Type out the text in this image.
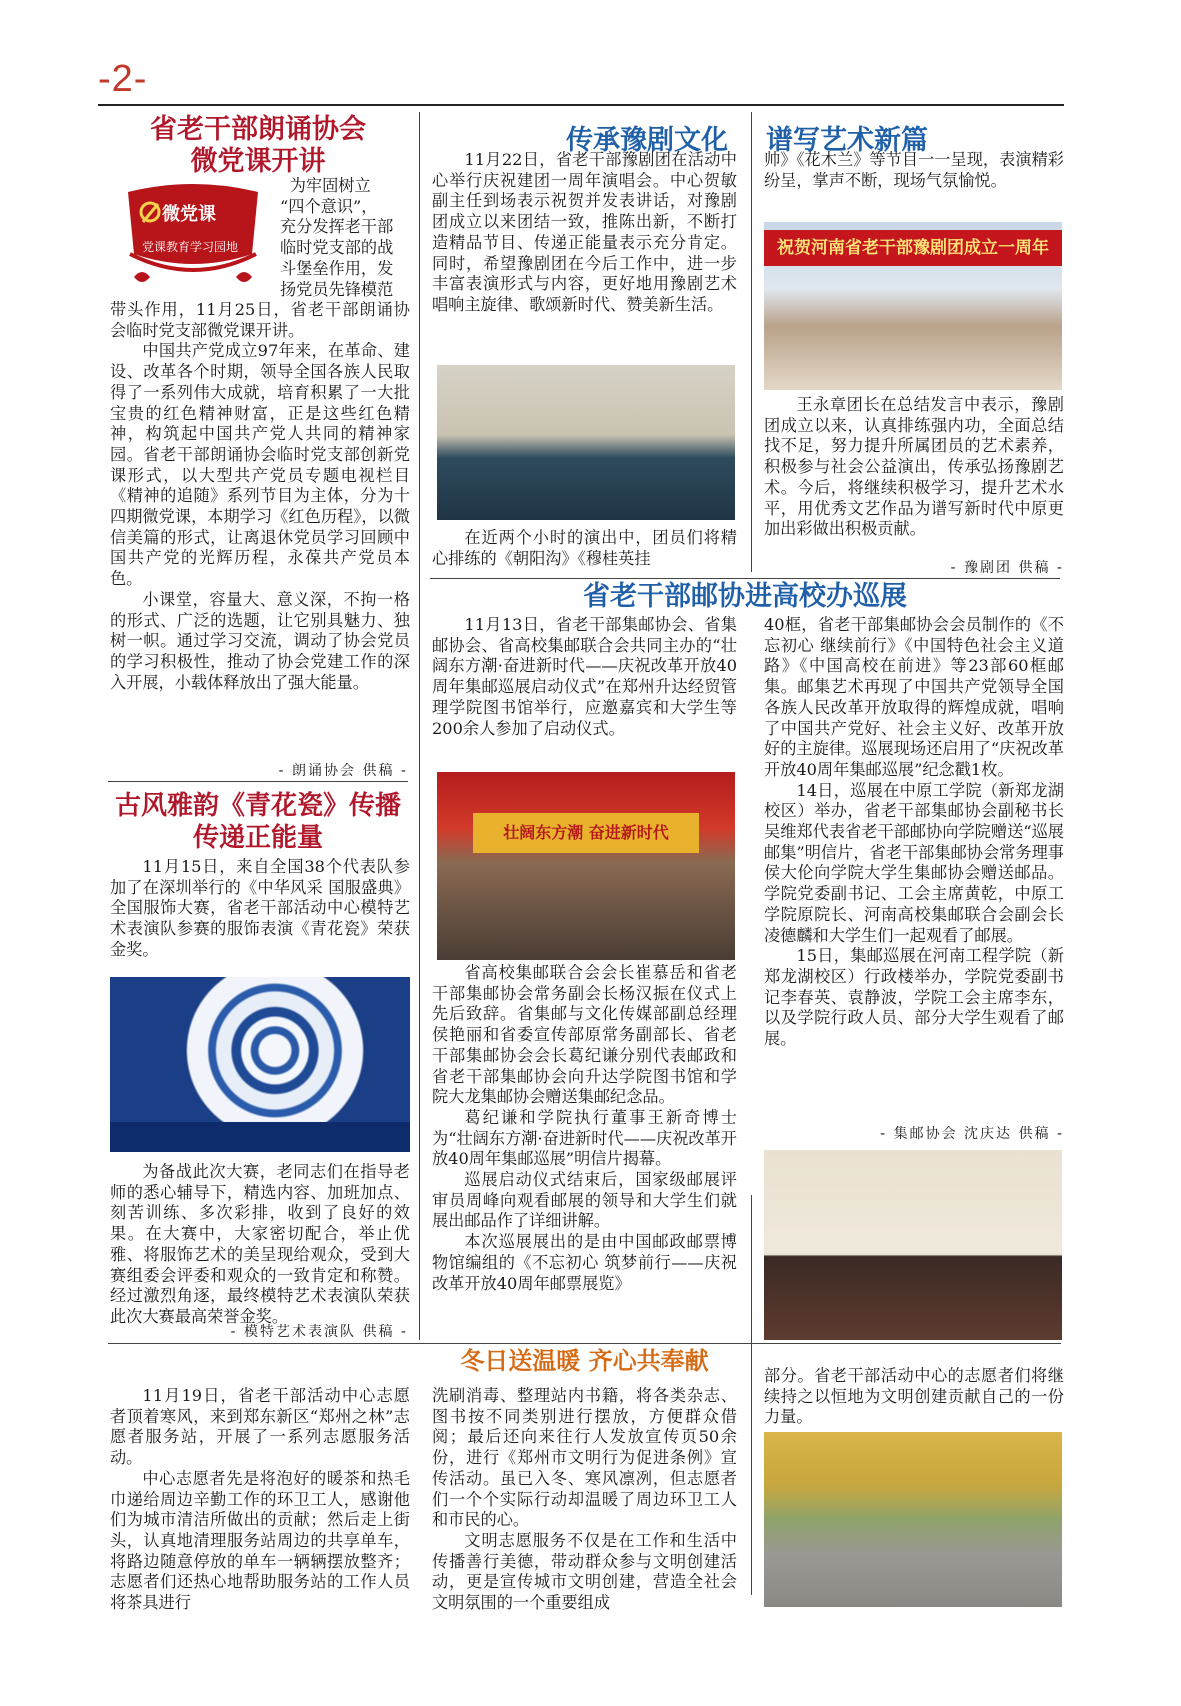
-2-
省老干部朗诵协会
微党课开讲
微党课
党课教育学习园地
为牢固树立
“四个意识”，
充分发挥老干部
临时党支部的战
斗堡垒作用，发
扬党员先锋模范

带头作用，11月25日，省老干部朗诵协会临时党支部微党课开讲。

中国共产党成立97年来，在革命、建设、改革各个时期，领导全国各族人民取得了一系列伟大成就，培育积累了一大批宝贵的红色精神财富，正是这些红色精神，构筑起中国共产党人共同的精神家园。省老干部朗诵协会临时党支部创新党课形式，以大型共产党员专题电视栏目《精神的追随》系列节目为主体，分为十四期微党课，本期学习《红色历程》，以微信美篇的形式，让离退休党员学习回顾中国共产党的光辉历程，永葆共产党员本色。

小课堂，容量大、意义深，不拘一格的形式、广泛的选题，让它别具魅力、独树一帜。通过学习交流，调动了协会党员的学习积极性，推动了协会党建工作的深入开展，小载体释放出了强大能量。

- 朗诵协会 供稿 -
古风雅韵《青花瓷》传播
传递正能量

11月15日，来自全国38个代表队参加了在深圳举行的《中华风采 国服盛典》全国服饰大赛，省老干部活动中心模特艺术表演队参赛的服饰表演《青花瓷》荣获金奖。

为备战此次大赛，老同志们在指导老师的悉心辅导下，精选内容、加班加点、刻苦训练、多次彩排，收到了良好的效果。在大赛中，大家密切配合，举止优雅、将服饰艺术的美呈现给观众，受到大赛组委会评委和观众的一致肯定和称赞。经过激烈角逐，最终模特艺术表演队荣获此次大赛最高荣誉金奖。

- 模特艺术表演队 供稿 -
传承豫剧文化 谱写艺术新篇

11月22日，省老干部豫剧团在活动中心举行庆祝建团一周年演唱会。中心贺敏副主任到场表示祝贺并发表讲话，对豫剧团成立以来团结一致，推陈出新，不断打造精品节目、传递正能量表示充分肯定。同时，希望豫剧团在今后工作中，进一步丰富表演形式与内容，更好地用豫剧艺术唱响主旋律、歌颂新时代、赞美新生活。

在近两个小时的演出中，团员们将精心排练的《朝阳沟》《穆桂英挂

帅》《花木兰》等节目一一呈现，表演精彩纷呈，掌声不断，现场气氛愉悦。

祝贺河南省老干部豫剧团成立一周年

王永章团长在总结发言中表示，豫剧团成立以来，认真排练强内功，全面总结找不足，努力提升所属团员的艺术素养，积极参与社会公益演出，传承弘扬豫剧艺术。今后，将继续积极学习，提升艺术水平，用优秀文艺作品为谱写新时代中原更加出彩做出积极贡献。

- 豫剧团 供稿 -
省老干部邮协进高校办巡展

11月13日，省老干部集邮协会、省集邮协会、省高校集邮联合会共同主办的“壮阔东方潮·奋进新时代——庆祝改革开放40周年集邮巡展启动仪式”在郑州升达经贸管理学院图书馆举行，应邀嘉宾和大学生等200余人参加了启动仪式。

壮阔东方潮 奋进新时代

省高校集邮联合会会长崔慕岳和省老干部集邮协会常务副会长杨汉振在仪式上先后致辞。省集邮与文化传媒部副总经理侯艳丽和省委宣传部原常务副部长、省老干部集邮协会会长葛纪谦分别代表邮政和省老干部集邮协会向升达学院图书馆和学院大龙集邮协会赠送集邮纪念品。

葛纪谦和学院执行董事王新奇博士为“壮阔东方潮·奋进新时代——庆祝改革开放40周年集邮巡展”明信片揭幕。

巡展启动仪式结束后，国家级邮展评审员周峰向观看邮展的领导和大学生们就展出邮品作了详细讲解。

本次巡展展出的是由中国邮政邮票博物馆编组的《不忘初心 筑梦前行——庆祝改革开放40周年邮票展览》

40框，省老干部集邮协会会员制作的《不忘初心 继续前行》《中国特色社会主义道路》《中国高校在前进》等23部60框邮集。邮集艺术再现了中国共产党领导全国各族人民改革开放取得的辉煌成就，唱响了中国共产党好、社会主义好、改革开放好的主旋律。巡展现场还启用了“庆祝改革开放40周年集邮巡展”纪念戳1枚。

14日，巡展在中原工学院（新郑龙湖校区）举办，省老干部集邮协会副秘书长吴维郑代表省老干部邮协向学院赠送“巡展邮集”明信片，省老干部集邮协会常务理事侯大伦向学院大学生集邮协会赠送邮品。学院党委副书记、工会主席黄乾，中原工学院原院长、河南高校集邮联合会副会长凌德麟和大学生们一起观看了邮展。

15日，集邮巡展在河南工程学院（新郑龙湖校区）行政楼举办，学院党委副书记李春英、袁静波，学院工会主席李东，以及学院行政人员、部分大学生观看了邮展。

- 集邮协会 沈庆达 供稿 -
冬日送温暖 齐心共奉献

11月19日，省老干部活动中心志愿者顶着寒风，来到郑东新区“郑州之林”志愿者服务站，开展了一系列志愿服务活动。

中心志愿者先是将泡好的暖茶和热毛巾递给周边辛勤工作的环卫工人，感谢他们为城市清洁所做出的贡献；然后走上街头，认真地清理服务站周边的共享单车，将路边随意停放的单车一辆辆摆放整齐；志愿者们还热心地帮助服务站的工作人员将茶具进行

洗刷消毒、整理站内书籍，将各类杂志、图书按不同类别进行摆放，方便群众借阅；最后还向来往行人发放宣传页50余份，进行《郑州市文明行为促进条例》宣传活动。虽已入冬、寒风凛冽，但志愿者们一个个实际行动却温暖了周边环卫工人和市民的心。

文明志愿服务不仅是在工作和生活中传播善行美德，带动群众参与文明创建活动，更是宣传城市文明创建，营造全社会文明氛围的一个重要组成

部分。省老干部活动中心的志愿者们将继续持之以恒地为文明创建贡献自己的一份力量。
